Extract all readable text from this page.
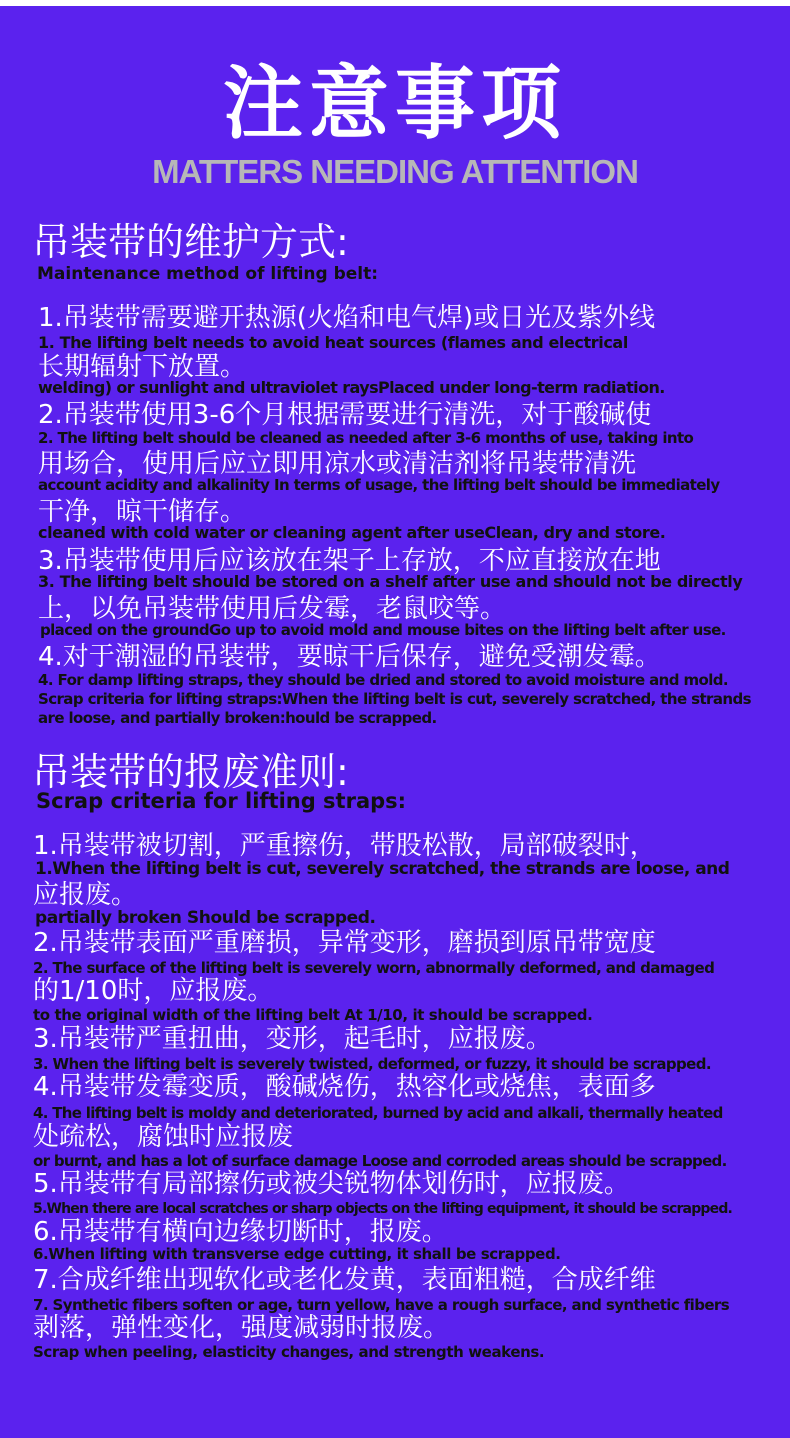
注意事项
MATTERS NEEDING ATTENTION
吊装带的维护方式:
Maintenance method of lifting belt:
1.吊装带需要避开热源(火焰和电气焊)或日光及紫外线
1. The lifting belt needs to avoid heat sources (flames and electrical
长期辐射下放置。
welding) or sunlight and ultraviolet raysPlaced under long-term radiation.
2.吊装带使用3-6个月根据需要进行清洗，对于酸碱使
2. The lifting belt should be cleaned as needed after 3-6 months of use, taking into
用场合，使用后应立即用凉水或清洁剂将吊装带清洗
account acidity and alkalinity In terms of usage, the lifting belt should be immediately
干净，晾干储存。
cleaned with cold water or cleaning agent after useClean, dry and store.
3.吊装带使用后应该放在架子上存放，不应直接放在地
3. The lifting belt should be stored on a shelf after use and should not be directly
上，以免吊装带使用后发霉，老鼠咬等。
placed on the groundGo up to avoid mold and mouse bites on the lifting belt after use.
4.对于潮湿的吊装带，要晾干后保存，避免受潮发霉。
4. For damp lifting straps, they should be dried and stored to avoid moisture and mold.
Scrap criteria for lifting straps:When the lifting belt is cut, severely scratched, the strands
are loose, and partially broken:hould be scrapped.
吊装带的报废准则:
Scrap criteria for lifting straps:
1.吊装带被切割，严重擦伤，带股松散，局部破裂时，
1.When the lifting belt is cut, severely scratched, the strands are loose, and
应报废。
partially broken Should be scrapped.
2.吊装带表面严重磨损，异常变形，磨损到原吊带宽度
2. The surface of the lifting belt is severely worn, abnormally deformed, and damaged
的1/10时，应报废。
to the original width of the lifting belt At 1/10, it should be scrapped.
3.吊装带严重扭曲，变形，起毛时，应报废。
3. When the lifting belt is severely twisted, deformed, or fuzzy, it should be scrapped.
4.吊装带发霉变质，酸碱烧伤，热容化或烧焦，表面多
4. The lifting belt is moldy and deteriorated, burned by acid and alkali, thermally heated
处疏松，腐蚀时应报废
or burnt, and has a lot of surface damage Loose and corroded areas should be scrapped.
5.吊装带有局部擦伤或被尖锐物体划伤时，应报废。
5.When there are local scratches or sharp objects on the lifting equipment, it should be scrapped.
6.吊装带有横向边缘切断时，报废。
6.When lifting with transverse edge cutting, it shall be scrapped.
7.合成纤维出现软化或老化发黄，表面粗糙，合成纤维
7. Synthetic fibers soften or age, turn yellow, have a rough surface, and synthetic fibers
剥落，弹性变化，强度减弱时报废。
Scrap when peeling, elasticity changes, and strength weakens.
